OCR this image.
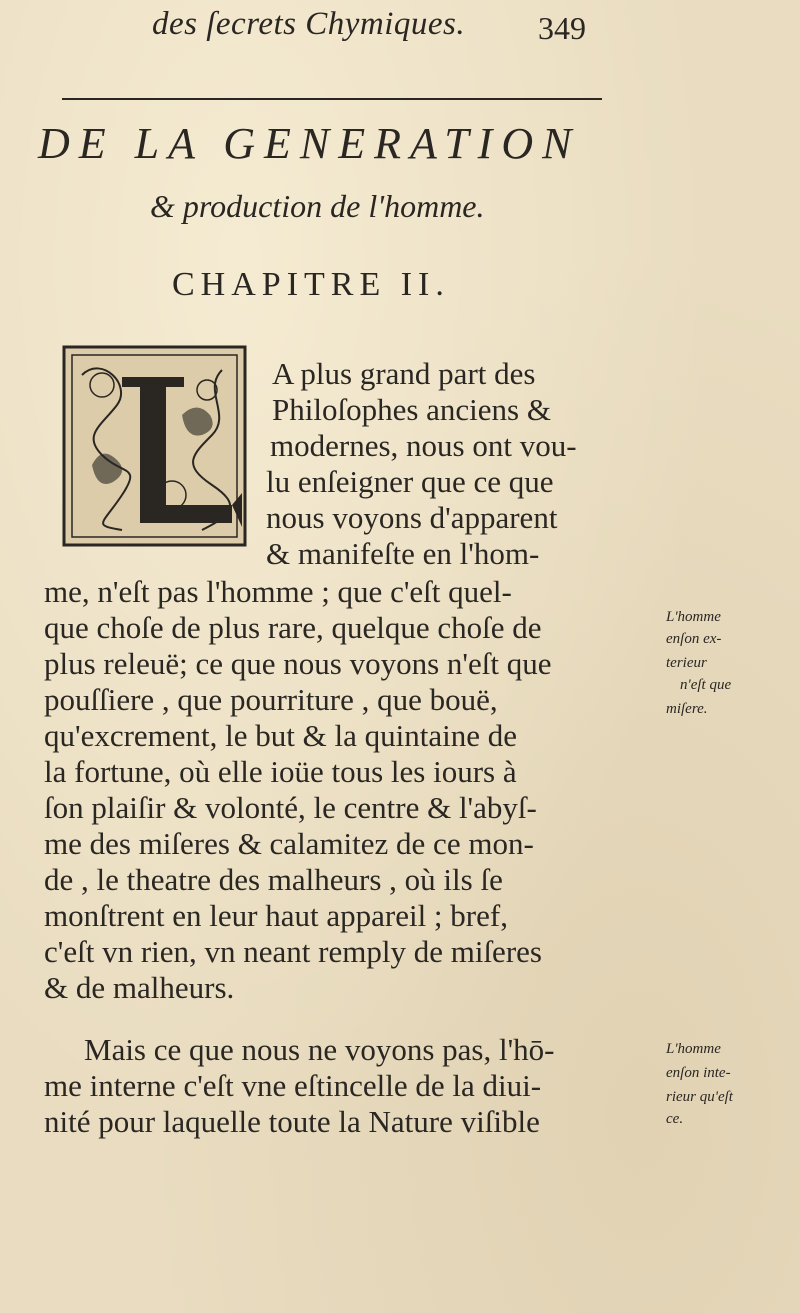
des ſecrets Chymiques. 349
DE LA GENERATION
& production de l'homme.
CHAPITRE II.
A plus grand part des
Philoſophes anciens &
modernes, nous ont vou-
lu enſeigner que ce que
nous voyons d'apparent
& manifeſte en l'hom-
me, n'eſt pas l'homme ; que c'eſt quel-
que choſe de plus rare, quelque choſe de
plus releuë; ce que nous voyons n'eſt que
pouſſiere , que pourriture , que bouë,
qu'excrement, le but & la quintaine de
la fortune, où elle ioüe tous les iours à
ſon plaiſir & volonté, le centre & l'abyſ-
me des miſeres & calamitez de ce mon-
de , le theatre des malheurs , où ils ſe
monſtrent en leur haut appareil ; bref,
c'eſt vn rien, vn neant remply de miſeres
& de malheurs.
Mais ce que nous ne voyons pas, l'hō-
me interne c'eſt vne eſtincelle de la diui-
nité pour laquelle toute la Nature viſible
L'homme
enſon ex-
terieur
n'eſt que
miſere.
L'homme
enſon inte-
rieur qu'eſt
ce.
